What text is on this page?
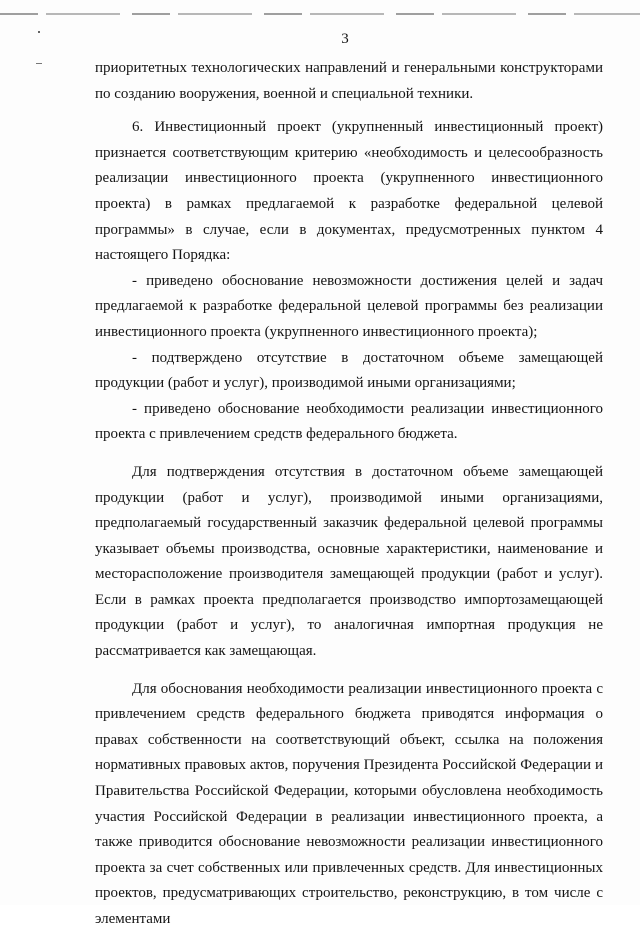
3

приоритетных технологических направлений и генеральными конструкторами по созданию вооружения, военной и специальной техники.

6. Инвестиционный проект (укрупненный инвестиционный проект) признается соответствующим критерию «необходимость и целесообразность реализации инвестиционного проекта (укрупненного инвестиционного проекта) в рамках предлагаемой к разработке федеральной целевой программы» в случае, если в документах, предусмотренных пунктом 4 настоящего Порядка:

- приведено обоснование невозможности достижения целей и задач предлагаемой к разработке федеральной целевой программы без реализации инвестиционного проекта (укрупненного инвестиционного проекта);

- подтверждено отсутствие в достаточном объеме замещающей продукции (работ и услуг), производимой иными организациями;

- приведено обоснование необходимости реализации инвестиционного проекта с привлечением средств федерального бюджета.

Для подтверждения отсутствия в достаточном объеме замещающей продукции (работ и услуг), производимой иными организациями, предполагаемый государственный заказчик федеральной целевой программы указывает объемы производства, основные характеристики, наименование и месторасположение производителя замещающей продукции (работ и услуг). Если в рамках проекта предполагается производство импортозамещающей продукции (работ и услуг), то аналогичная импортная продукция не рассматривается как замещающая.

Для обоснования необходимости реализации инвестиционного проекта с привлечением средств федерального бюджета приводятся информация о правах собственности на соответствующий объект, ссылка на положения нормативных правовых актов, поручения Президента Российской Федерации и Правительства Российской Федерации, которыми обусловлена необходимость участия Российской Федерации в реализации инвестиционного проекта, а также приводится обоснование невозможности реализации инвестиционного проекта за счет собственных или привлеченных средств. Для инвестиционных проектов, предусматривающих строительство, реконструкцию, в том числе с элементами
